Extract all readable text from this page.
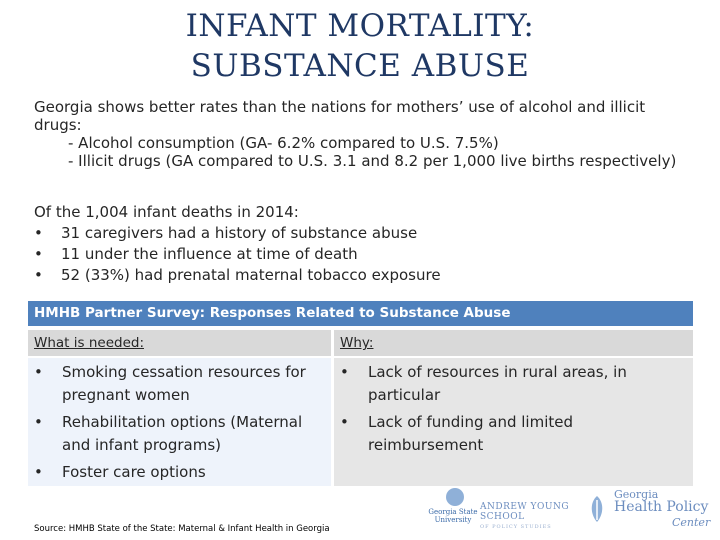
INFANT MORTALITY:
SUBSTANCE ABUSE
Georgia shows better rates than the nations for mothers’ use of alcohol and illicit drugs:
- Alcohol consumption (GA- 6.2% compared to U.S. 7.5%)
- Illicit drugs (GA compared to U.S. 3.1 and 8.2 per 1,000 live births respectively)
Of the 1,004 infant deaths in 2014:
• 31 caregivers had a history of substance abuse
• 11 under the influence at time of death
• 52 (33%) had prenatal maternal tobacco exposure
HMHB Partner Survey: Responses Related to Substance Abuse
What is needed:	Why:
• Smoking cessation resources for pregnant women
• Rehabilitation options (Maternal and infant programs)
• Foster care options
• Lack of resources in rural areas, in particular
• Lack of funding and limited reimbursement
Source: HMHB State of the State: Maternal & Infant Health in Georgia
Georgia State University
ANDREW YOUNG SCHOOL
OF POLICY STUDIES
Georgia
Health Policy
Center
